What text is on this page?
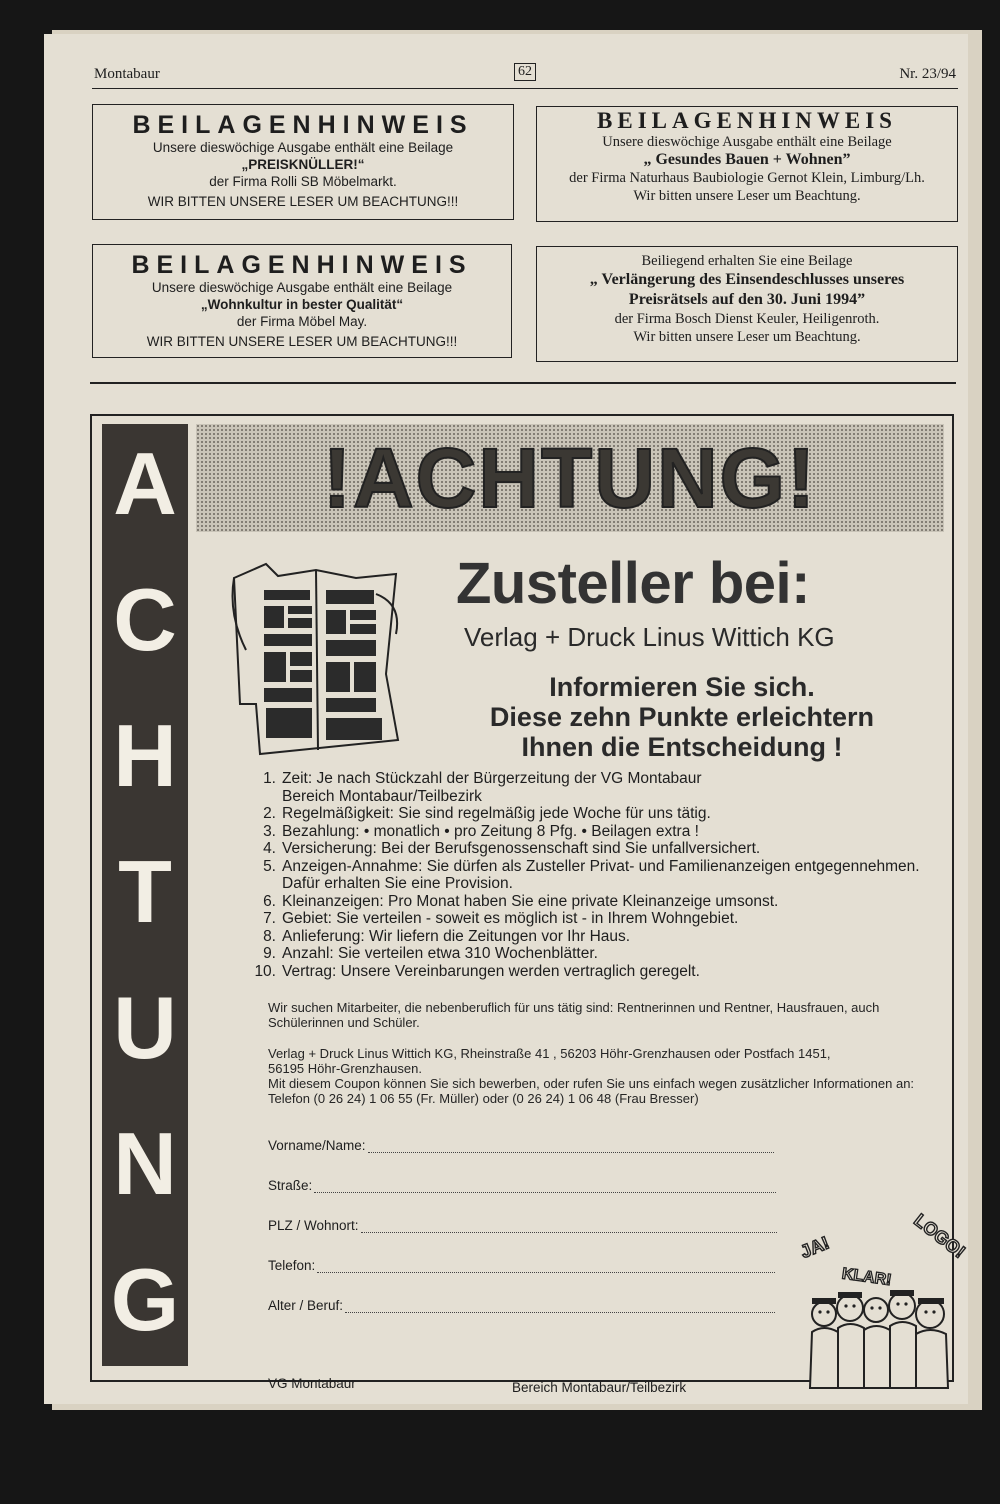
Montabaur	62	Nr. 23/94
BEILAGENHINWEIS
Unsere dieswöchige Ausgabe enthält eine Beilage
„PREISKNÜLLER!“
der Firma Rolli SB Möbelmarkt.
WIR BITTEN UNSERE LESER UM BEACHTUNG!!!
BEILAGENHINWEIS
Unsere dieswöchige Ausgabe enthält eine Beilage
„ Gesundes Bauen + Wohnen”
der Firma Naturhaus Baubiologie Gernot Klein, Limburg/Lh.
Wir bitten unsere Leser um Beachtung.
BEILAGENHINWEIS
Unsere dieswöchige Ausgabe enthält eine Beilage
„Wohnkultur in bester Qualität“
der Firma Möbel May.
WIR BITTEN UNSERE LESER UM BEACHTUNG!!!
Beiliegend erhalten Sie eine Beilage
„ Verlängerung des Einsendeschlusses unseres
Preisrätsels auf den 30. Juni 1994”
der Firma Bosch Dienst Keuler, Heiligenroth.
Wir bitten unsere Leser um Beachtung.
A
C
H
T
U
N
G
!ACHTUNG!
Zusteller bei:
Verlag + Druck Linus Wittich KG
Informieren Sie sich.
Diese zehn Punkte erleichtern
Ihnen die Entscheidung !
1. Zeit: Je nach Stückzahl der Bürgerzeitung der VG Montabaur
Bereich Montabaur/Teilbezirk
2. Regelmäßigkeit: Sie sind regelmäßig jede Woche für uns tätig.
3. Bezahlung: • monatlich • pro Zeitung 8 Pfg. • Beilagen extra !
4. Versicherung: Bei der Berufsgenossenschaft sind Sie unfallversichert.
5. Anzeigen-Annahme: Sie dürfen als Zusteller Privat- und Familienanzeigen entgegennehmen.
Dafür erhalten Sie eine Provision.
6. Kleinanzeigen: Pro Monat haben Sie eine private Kleinanzeige umsonst.
7. Gebiet: Sie verteilen - soweit es möglich ist - in Ihrem Wohngebiet.
8. Anlieferung: Wir liefern die Zeitungen vor Ihr Haus.
9. Anzahl: Sie verteilen etwa 310 Wochenblätter.
10. Vertrag: Unsere Vereinbarungen werden vertraglich geregelt.
Wir suchen Mitarbeiter, die nebenberuflich für uns tätig sind: Rentnerinnen und Rentner, Hausfrauen, auch
Schülerinnen und Schüler.
Verlag + Druck Linus Wittich KG, Rheinstraße 41 , 56203 Höhr-Grenzhausen oder Postfach 1451,
56195 Höhr-Grenzhausen.
Mit diesem Coupon können Sie sich bewerben, oder rufen Sie uns einfach wegen zusätzlicher Informationen an:
Telefon (0 26 24) 1 06 55 (Fr. Müller) oder (0 26 24) 1 06 48 (Frau Bresser)
Vorname/Name:
Straße:
PLZ / Wohnort:
Telefon:
Alter / Beruf:
VG Montabaur	Bereich Montabaur/Teilbezirk
JA!
KLAR!
LOGO!
